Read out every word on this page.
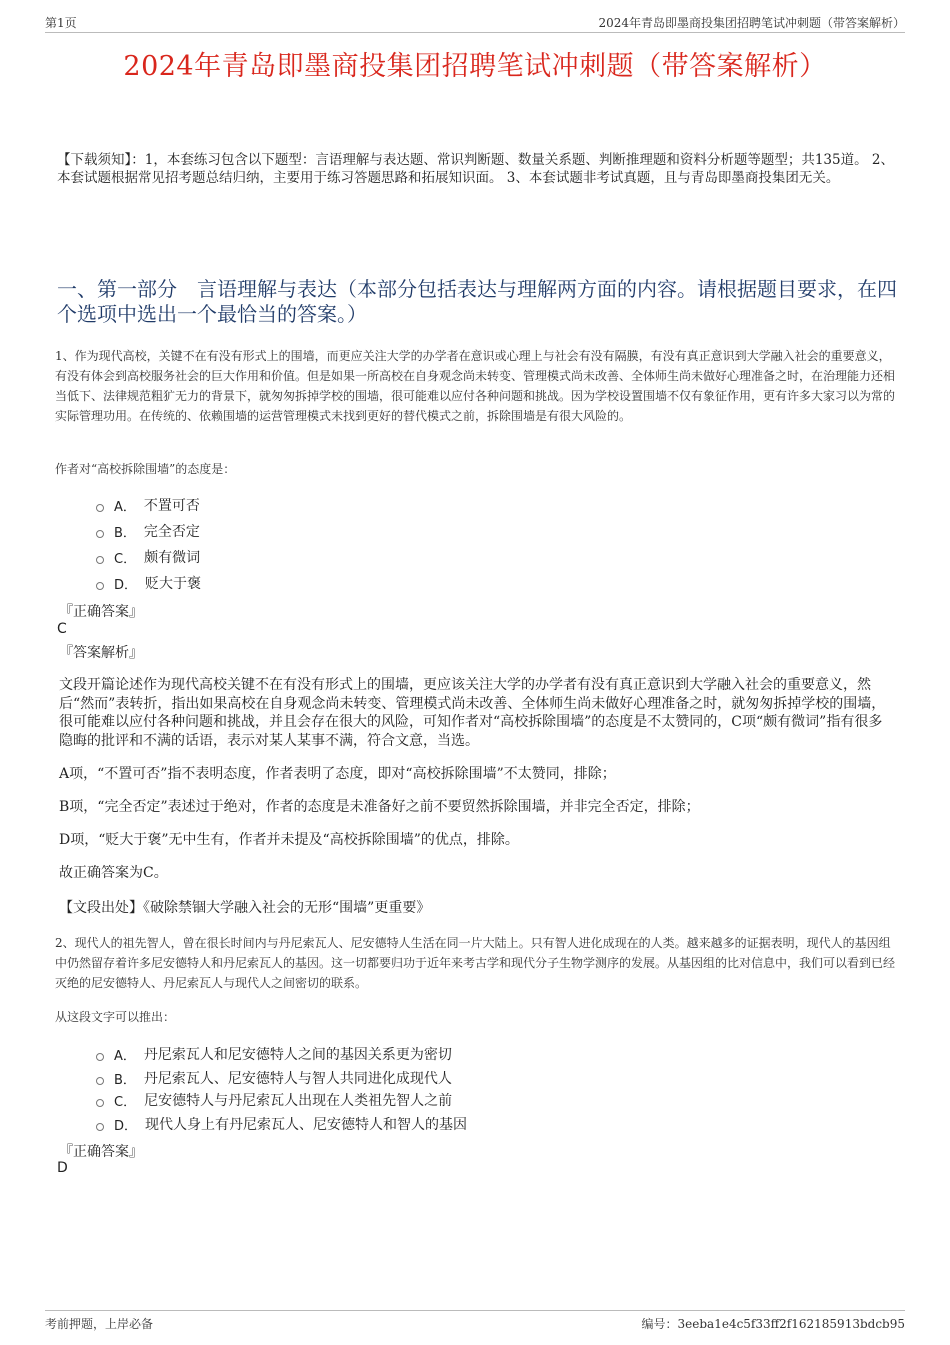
第1页	2024年青岛即墨商投集团招聘笔试冲刺题（带答案解析）
2024年青岛即墨商投集团招聘笔试冲刺题（带答案解析）
【下载须知】：1，本套练习包含以下题型：言语理解与表达题、常识判断题、数量关系题、判断推理题和资料分析题等题型；共135道。 2、本套试题根据常见招考题总结归纳，主要用于练习答题思路和拓展知识面。 3、本套试题非考试真题，且与青岛即墨商投集团无关。
一、第一部分　言语理解与表达（本部分包括表达与理解两方面的内容。请根据题目要求，在四个选项中选出一个最恰当的答案。）
1、作为现代高校，关键不在有没有形式上的围墙，而更应关注大学的办学者在意识或心理上与社会有没有隔膜，有没有真正意识到大学融入社会的重要意义，有没有体会到高校服务社会的巨大作用和价值。但是如果一所高校在自身观念尚未转变、管理模式尚未改善、全体师生尚未做好心理准备之时，在治理能力还相当低下、法律规范粗犷无力的背景下，就匆匆拆掉学校的围墙，很可能难以应付各种问题和挑战。因为学校设置围墙不仅有象征作用，更有许多大家习以为常的实际管理功用。在传统的、依赖围墙的运营管理模式未找到更好的替代模式之前，拆除围墙是有很大风险的。
作者对“高校拆除围墙”的态度是：
A． 不置可否
B． 完全否定
C． 颇有微词
D． 贬大于褒
『正确答案』
C
『答案解析』
文段开篇论述作为现代高校关键不在有没有形式上的围墙，更应该关注大学的办学者有没有真正意识到大学融入社会的重要意义，然后“然而”表转折，指出如果高校在自身观念尚未转变、管理模式尚未改善、全体师生尚未做好心理准备之时，就匆匆拆掉学校的围墙，很可能难以应付各种问题和挑战，并且会存在很大的风险，可知作者对“高校拆除围墙”的态度是不太赞同的，C项“颇有微词”指有很多隐晦的批评和不满的话语，表示对某人某事不满，符合文意，当选。
A项，“不置可否”指不表明态度，作者表明了态度，即对“高校拆除围墙”不太赞同，排除；
B项，“完全否定”表述过于绝对，作者的态度是未准备好之前不要贸然拆除围墙，并非完全否定，排除；
D项，“贬大于褒”无中生有，作者并未提及“高校拆除围墙”的优点，排除。
故正确答案为C。
【文段出处】《破除禁锢大学融入社会的无形“围墙”更重要》
2、现代人的祖先智人，曾在很长时间内与丹尼索瓦人、尼安德特人生活在同一片大陆上。只有智人进化成现在的人类。越来越多的证据表明，现代人的基因组中仍然留存着许多尼安德特人和丹尼索瓦人的基因。这一切都要归功于近年来考古学和现代分子生物学测序的发展。从基因组的比对信息中，我们可以看到已经灭绝的尼安德特人、丹尼索瓦人与现代人之间密切的联系。
从这段文字可以推出：
A． 丹尼索瓦人和尼安德特人之间的基因关系更为密切
B． 丹尼索瓦人、尼安德特人与智人共同进化成现代人
C． 尼安德特人与丹尼索瓦人出现在人类祖先智人之前
D． 现代人身上有丹尼索瓦人、尼安德特人和智人的基因
『正确答案』
D
考前押题，上岸必备	编号：3eeba1e4c5f33ff2f162185913bdcb95
